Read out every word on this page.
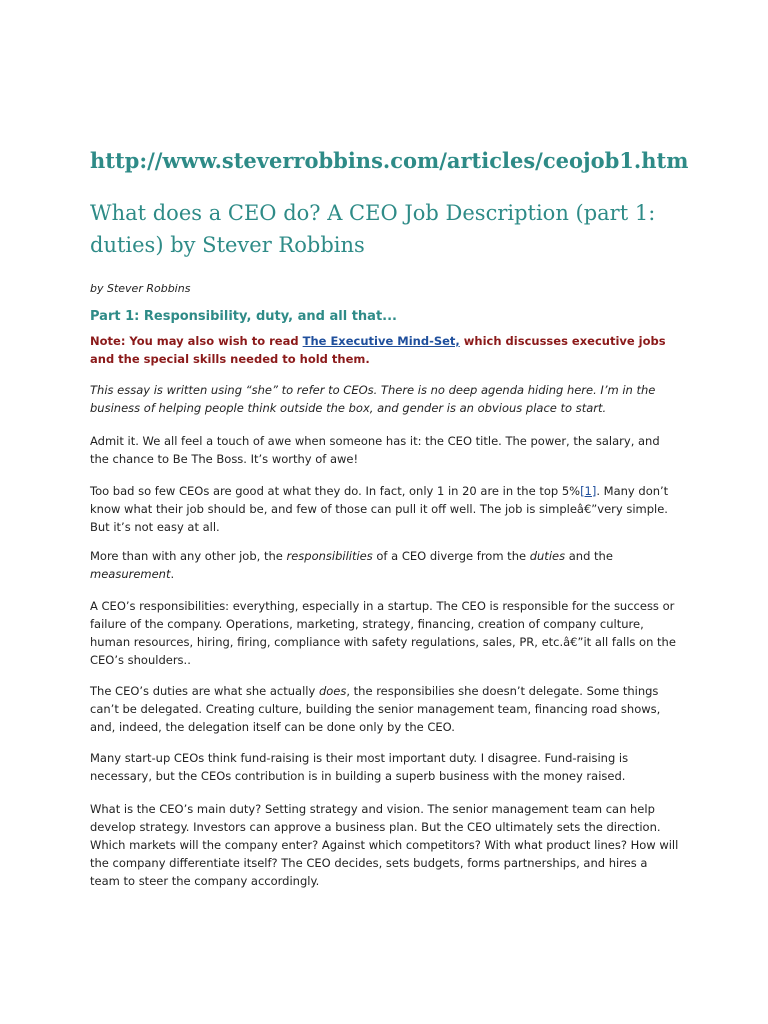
http://www.steverrobbins.com/articles/ceojob1.htm
What does a CEO do? A CEO Job Description (part 1: duties) by Stever Robbins
by Stever Robbins
Part 1: Responsibility, duty, and all that...
Note: You may also wish to read The Executive Mind-Set, which discusses executive jobs and the special skills needed to hold them.

This essay is written using “she” to refer to CEOs. There is no deep agenda hiding here. I’m in the business of helping people think outside the box, and gender is an obvious place to start.

Admit it. We all feel a touch of awe when someone has it: the CEO title. The power, the salary, and the chance to Be The Boss. It’s worthy of awe!

Too bad so few CEOs are good at what they do. In fact, only 1 in 20 are in the top 5%[1]. Many don’t know what their job should be, and few of those can pull it off well. The job is simpleâ€”very simple. But it’s not easy at all.

More than with any other job, the responsibilities of a CEO diverge from the duties and the measurement.

A CEO’s responsibilities: everything, especially in a startup. The CEO is responsible for the success or failure of the company. Operations, marketing, strategy, financing, creation of company culture, human resources, hiring, firing, compliance with safety regulations, sales, PR, etc.â€”it all falls on the CEO’s shoulders..

The CEO’s duties are what she actually does, the responsibilies she doesn’t delegate. Some things can’t be delegated. Creating culture, building the senior management team, financing road shows, and, indeed, the delegation itself can be done only by the CEO.

Many start-up CEOs think fund-raising is their most important duty. I disagree. Fund-raising is necessary, but the CEOs contribution is in building a superb business with the money raised.

What is the CEO’s main duty? Setting strategy and vision. The senior management team can help develop strategy. Investors can approve a business plan. But the CEO ultimately sets the direction. Which markets will the company enter? Against which competitors? With what product lines? How will the company differentiate itself? The CEO decides, sets budgets, forms partnerships, and hires a team to steer the company accordingly.
